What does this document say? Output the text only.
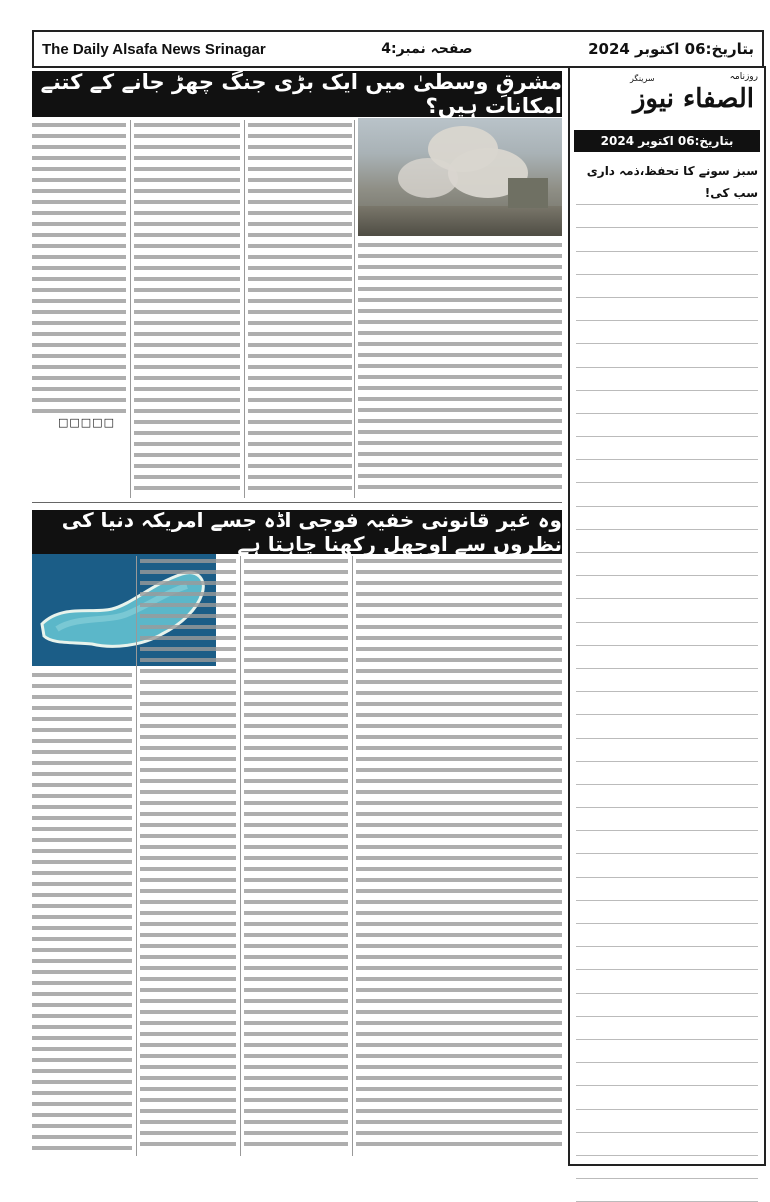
The Daily Alsafa News Srinagar	صفحہ نمبر:4	بتاریخ:06 اکتوبر 2024
روزنامہ
سرینگر
الصفاء نیوز
بتاریخ:06 اکتوبر 2024
سبز سونے کا تحفظ،ذمہ داری سب کی!
مشرقِ وسطیٰ میں ایک بڑی جنگ چھڑ جانے کے کتنے امکانات ہیں؟
□□□□□
وہ غیر قانونی خفیہ فوجی اڈہ جسے امریکہ دنیا کی نظروں سے اوجھل رکھنا چاہتا ہے
